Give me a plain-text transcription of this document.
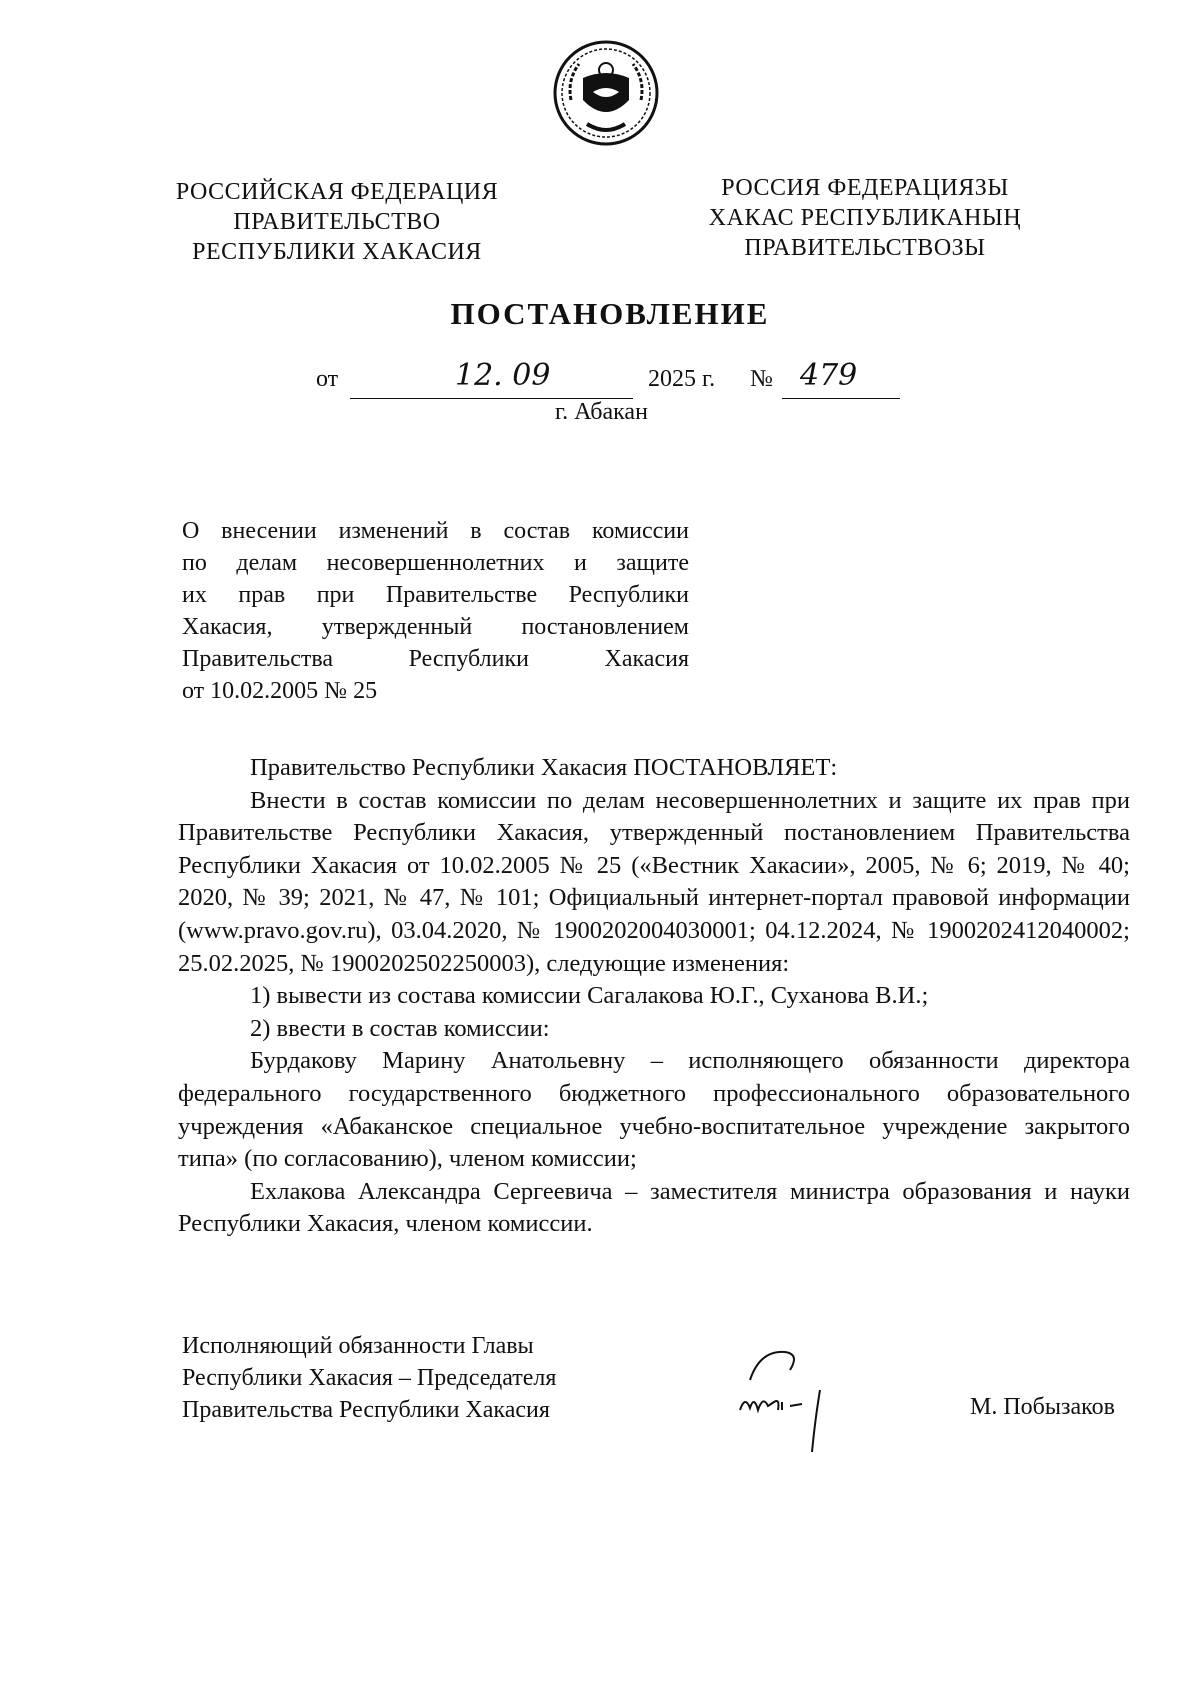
РОССИЙСКАЯ ФЕДЕРАЦИЯ
ПРАВИТЕЛЬСТВО
РЕСПУБЛИКИ ХАКАСИЯ
РОССИЯ ФЕДЕРАЦИЯЗЫ
ХАКАС РЕСПУБЛИКАНЫҢ
ПРАВИТЕЛЬСТВОЗЫ
ПОСТАНОВЛЕНИЕ
от	12. 09	2025 г. № 479
г. Абакан

О внесении изменений в состав комиссии

по делам несовершеннолетних и защите

их прав при Правительстве Республики

Хакасия, утвержденный постановлением

Правительства Республики Хакасия

от 10.02.2005 № 25

Правительство Республики Хакасия ПОСТАНОВЛЯЕТ:

Внести в состав комиссии по делам несовершеннолетних и защите их прав при Правительстве Республики Хакасия, утвержденный постановлением Правительства Республики Хакасия от 10.02.2005 № 25 («Вестник Хакасии», 2005, № 6; 2019, № 40; 2020, № 39; 2021, № 47, № 101; Официальный интернет-портал правовой информации (www.pravo.gov.ru), 03.04.2020, № 1900202004030001; 04.12.2024, № 1900202412040002; 25.02.2025, № 1900202502250003), следующие изменения:

1) вывести из состава комиссии Сагалакова Ю.Г., Суханова В.И.;

2) ввести в состав комиссии:

Бурдакову Марину Анатольевну – исполняющего обязанности директора федерального государственного бюджетного профессионального образовательного учреждения «Абаканское специальное учебно-воспитательное учреждение закрытого типа» (по согласованию), членом комиссии;

Ехлакова Александра Сергеевича – заместителя министра образования и науки Республики Хакасия, членом комиссии.

Исполняющий обязанности Главы
Республики Хакасия – Председателя
Правительства Республики Хакасия	М. Побызаков
